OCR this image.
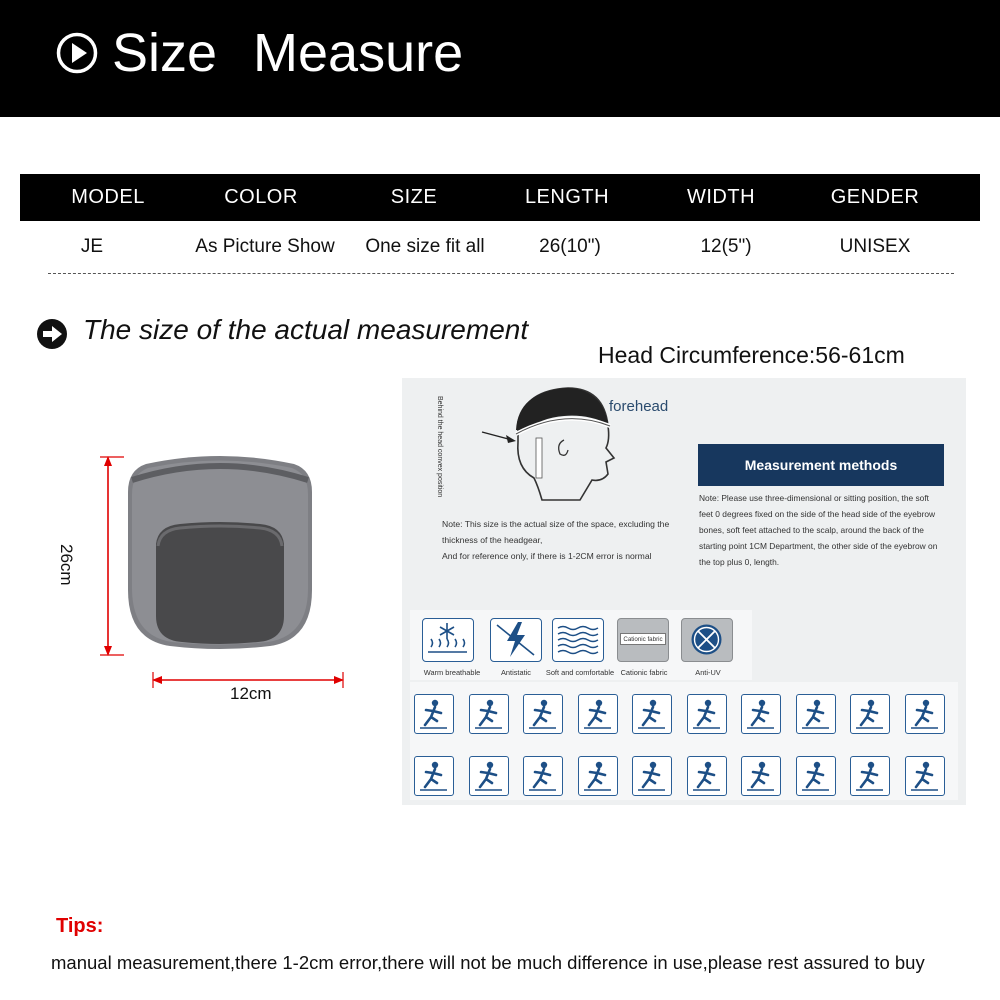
Size Measure
MODEL	COLOR	SIZE	LENGTH	WIDTH	GENDER
JE	As Picture Show	One size fit all	26(10")	12(5")	UNISEX
The size of the actual measurement
Head Circumference:56-61cm
26cm
12cm
Behind the head convex position	forehead
Note: This size is the actual size of the space, excluding the
thickness of the headgear,
And for reference only, if there is 1-2CM error is normal
Measurement methods
Note: Please use three-dimensional or sitting position, the soft
feet 0 degrees fixed on the side of the head side of the eyebrow
bones, soft feet attached to the scalp, around the back of the
starting point 1CM Department, the other side of the eyebrow on
the top plus 0, length.
Cationic fabric
Warm breathable	Antistatic	Soft and comfortable Cationic fabric	Anti-UV
Tips:
manual measurement,there 1-2cm error,there will not be much difference in use,please rest assured to buy
